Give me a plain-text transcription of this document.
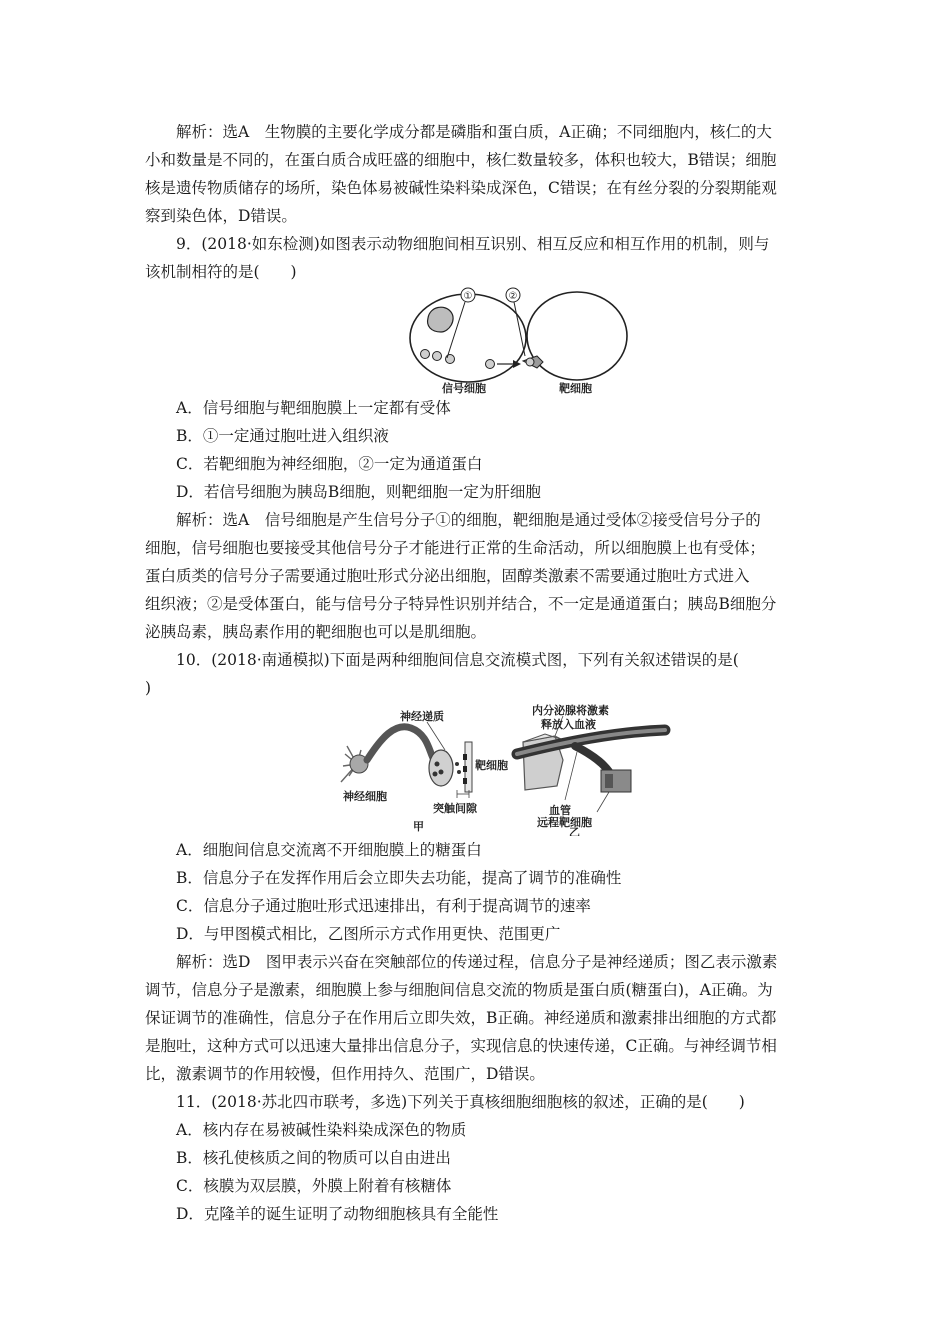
解析：选A　生物膜的主要化学成分都是磷脂和蛋白质，A正确；不同细胞内，核仁的大

小和数量是不同的，在蛋白质合成旺盛的细胞中，核仁数量较多，体积也较大，B错误；细胞

核是遗传物质储存的场所，染色体易被碱性染料染成深色，C错误；在有丝分裂的分裂期能观

察到染色体，D错误。

9．(2018·如东检测)如图表示动物细胞间相互识别、相互反应和相互作用的机制，则与

该机制相符的是(　　)

①	②
信号细胞	靶细胞

A．信号细胞与靶细胞膜上一定都有受体

B．①一定通过胞吐进入组织液

C．若靶细胞为神经细胞，②一定为通道蛋白

D．若信号细胞为胰岛B细胞，则靶细胞一定为肝细胞

解析：选A　信号细胞是产生信号分子①的细胞，靶细胞是通过受体②接受信号分子的

细胞，信号细胞也要接受其他信号分子才能进行正常的生命活动，所以细胞膜上也有受体；

蛋白质类的信号分子需要通过胞吐形式分泌出细胞，固醇类激素不需要通过胞吐方式进入

组织液；②是受体蛋白，能与信号分子特异性识别并结合，不一定是通道蛋白；胰岛B细胞分

泌胰岛素，胰岛素作用的靶细胞也可以是肌细胞。

10．(2018·南通模拟)下面是两种细胞间信息交流模式图，下列有关叙述错误的是(

)

神经递质
靶细胞
神经细胞
突触间隙
甲
内分泌腺将激素
释放入血液
血管
远程靶细胞
乙

A．细胞间信息交流离不开细胞膜上的糖蛋白

B．信息分子在发挥作用后会立即失去功能，提高了调节的准确性

C．信息分子通过胞吐形式迅速排出，有利于提高调节的速率

D．与甲图模式相比，乙图所示方式作用更快、范围更广

解析：选D　图甲表示兴奋在突触部位的传递过程，信息分子是神经递质；图乙表示激素

调节，信息分子是激素，细胞膜上参与细胞间信息交流的物质是蛋白质(糖蛋白)，A正确。为

保证调节的准确性，信息分子在作用后立即失效，B正确。神经递质和激素排出细胞的方式都

是胞吐，这种方式可以迅速大量排出信息分子，实现信息的快速传递，C正确。与神经调节相

比，激素调节的作用较慢，但作用持久、范围广，D错误。

11．(2018·苏北四市联考，多选)下列关于真核细胞细胞核的叙述，正确的是(　　)

A．核内存在易被碱性染料染成深色的物质

B．核孔使核质之间的物质可以自由进出

C．核膜为双层膜，外膜上附着有核糖体

D．克隆羊的诞生证明了动物细胞核具有全能性
